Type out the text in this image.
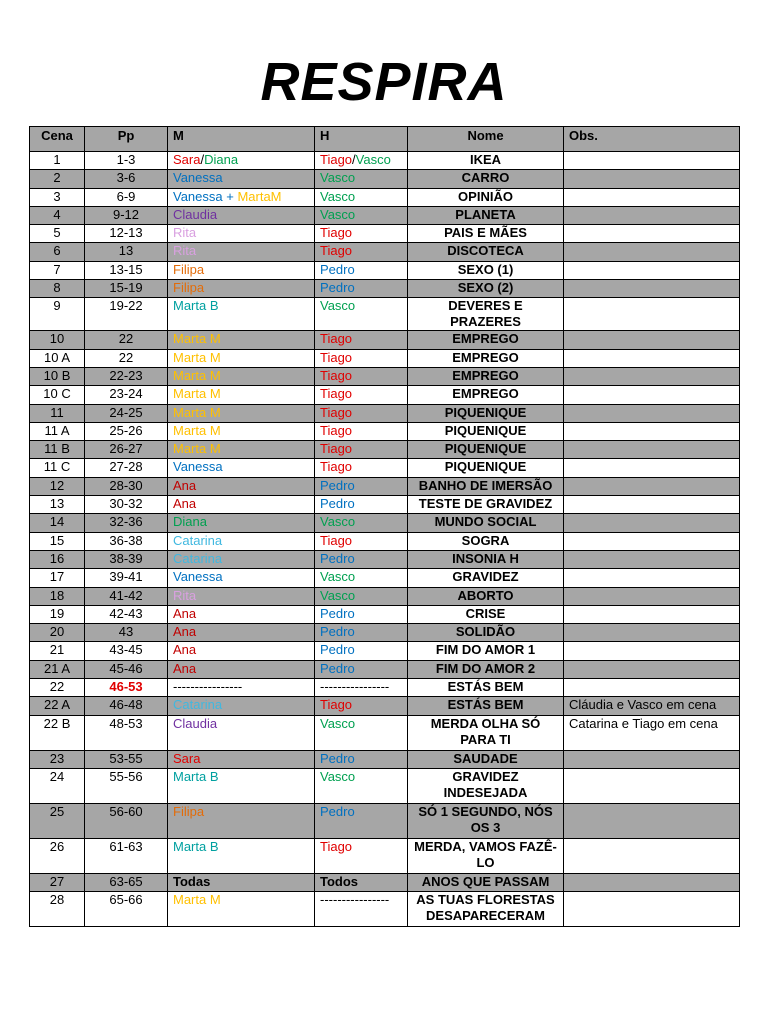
RESPIRA
Cena	Pp	M	H	Nome	Obs.
1	1-3	Sara/Diana	Tiago/Vasco	IKEA	
2	3-6	Vanessa	Vasco	CARRO	
3	6-9	Vanessa + MartaM	Vasco	OPINIÃO	
4	9-12	Claudia	Vasco	PLANETA	
5	12-13	Rita	Tiago	PAIS E MÃES	
6	13	Rita	Tiago	DISCOTECA	
7	13-15	Filipa	Pedro	SEXO (1)	
8	15-19	Filipa	Pedro	SEXO (2)	
9	19-22	Marta B	Vasco	DEVERES E PRAZERES	
10	22	Marta M	Tiago	EMPREGO	
10 A	22	Marta M	Tiago	EMPREGO	
10 B	22-23	Marta M	Tiago	EMPREGO	
10 C	23-24	Marta M	Tiago	EMPREGO	
11	24-25	Marta M	Tiago	PIQUENIQUE	
11 A	25-26	Marta M	Tiago	PIQUENIQUE	
11 B	26-27	Marta M	Tiago	PIQUENIQUE	
11 C	27-28	Vanessa	Tiago	PIQUENIQUE	
12	28-30	Ana	Pedro	BANHO DE IMERSÃO	
13	30-32	Ana	Pedro	TESTE DE GRAVIDEZ	
14	32-36	Diana	Vasco	MUNDO SOCIAL	
15	36-38	Catarina	Tiago	SOGRA	
16	38-39	Catarina	Pedro	INSONIA H	
17	39-41	Vanessa	Vasco	GRAVIDEZ	
18	41-42	Rita	Vasco	ABORTO	
19	42-43	Ana	Pedro	CRISE	
20	43	Ana	Pedro	SOLIDÃO	
21	43-45	Ana	Pedro	FIM DO AMOR 1	
21 A	45-46	Ana	Pedro	FIM DO AMOR 2	
22	46-53	----------------	----------------	ESTÁS BEM	
22 A	46-48	Catarina	Tiago	ESTÁS BEM	Cláudia e Vasco em cena
22 B	48-53	Claudia	Vasco	MERDA OLHA SÓ PARA TI	Catarina e Tiago em cena
23	53-55	Sara	Pedro	SAUDADE	
24	55-56	Marta B	Vasco	GRAVIDEZ INDESEJADA	
25	56-60	Filipa	Pedro	SÓ 1 SEGUNDO, NÓS OS 3	
26	61-63	Marta B	Tiago	MERDA, VAMOS FAZÊ-LO	
27	63-65	Todas	Todos	ANOS QUE PASSAM	
28	65-66	Marta M	----------------	AS TUAS FLORESTAS DESAPARECERAM	
